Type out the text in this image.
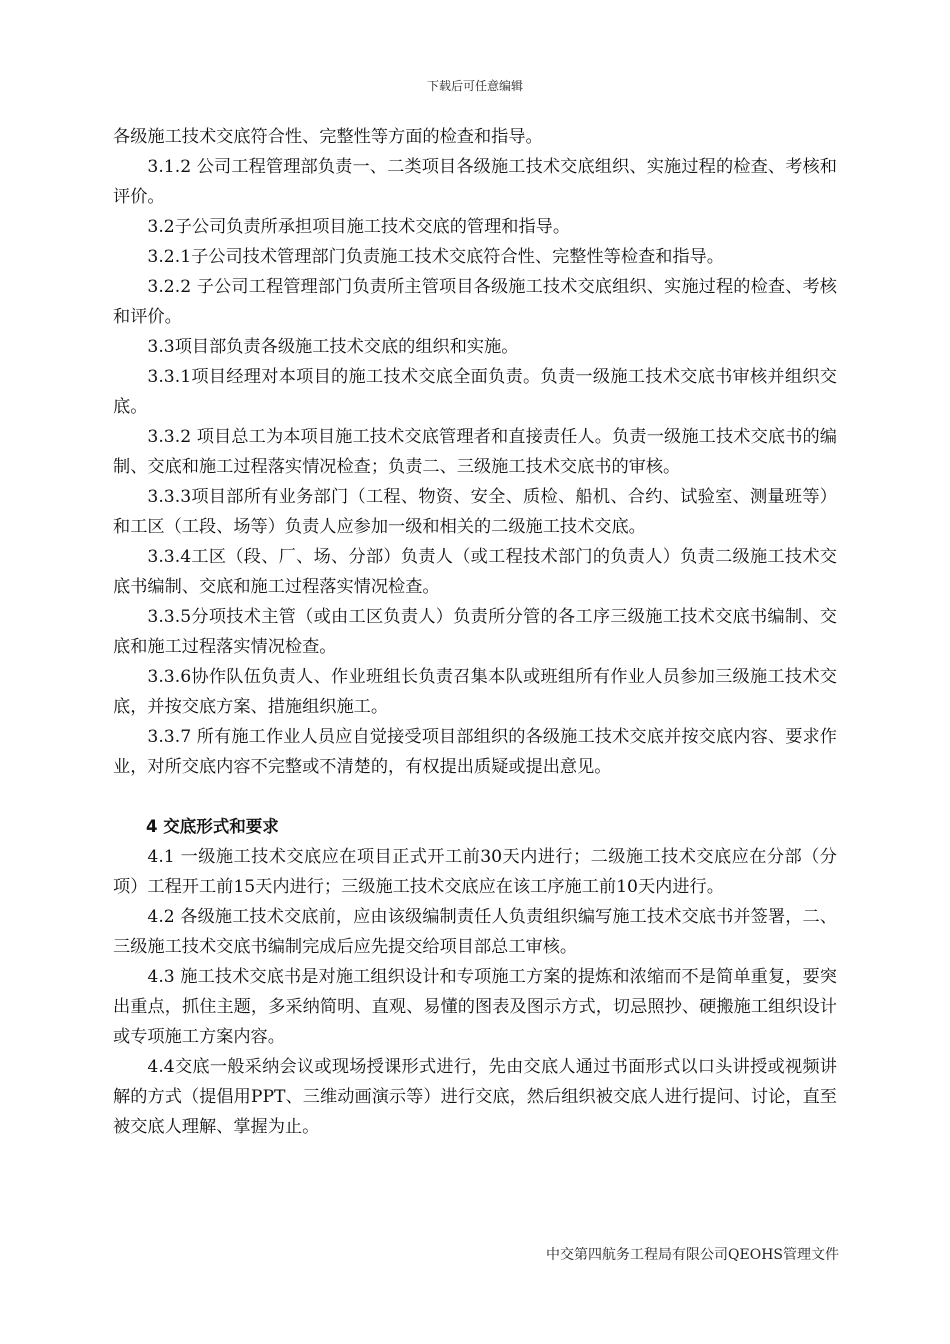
下载后可任意编辑

各级施工技术交底符合性、完整性等方面的检查和指导。

3.1.2 公司工程管理部负责一、二类项目各级施工技术交底组织、实施过程的检查、考核和评价。

3.2子公司负责所承担项目施工技术交底的管理和指导。

3.2.1子公司技术管理部门负责施工技术交底符合性、完整性等检查和指导。

3.2.2 子公司工程管理部门负责所主管项目各级施工技术交底组织、实施过程的检查、考核和评价。

3.3项目部负责各级施工技术交底的组织和实施。

3.3.1项目经理对本项目的施工技术交底全面负责。负责一级施工技术交底书审核并组织交底。

3.3.2 项目总工为本项目施工技术交底管理者和直接责任人。负责一级施工技术交底书的编制、交底和施工过程落实情况检查；负责二、三级施工技术交底书的审核。

3.3.3项目部所有业务部门（工程、物资、安全、质检、船机、合约、试验室、测量班等）和工区（工段、场等）负责人应参加一级和相关的二级施工技术交底。

3.3.4工区（段、厂、场、分部）负责人（或工程技术部门的负责人）负责二级施工技术交底书编制、交底和施工过程落实情况检查。

3.3.5分项技术主管（或由工区负责人）负责所分管的各工序三级施工技术交底书编制、交底和施工过程落实情况检查。

3.3.6协作队伍负责人、作业班组长负责召集本队或班组所有作业人员参加三级施工技术交底，并按交底方案、措施组织施工。

3.3.7 所有施工作业人员应自觉接受项目部组织的各级施工技术交底并按交底内容、要求作业，对所交底内容不完整或不清楚的，有权提出质疑或提出意见。

4 交底形式和要求

4.1 一级施工技术交底应在项目正式开工前30天内进行；二级施工技术交底应在分部（分项）工程开工前15天内进行；三级施工技术交底应在该工序施工前10天内进行。

4.2 各级施工技术交底前，应由该级编制责任人负责组织编写施工技术交底书并签署，二、三级施工技术交底书编制完成后应先提交给项目部总工审核。

4.3 施工技术交底书是对施工组织设计和专项施工方案的提炼和浓缩而不是简单重复，要突出重点，抓住主题，多采纳简明、直观、易懂的图表及图示方式，切忌照抄、硬搬施工组织设计或专项施工方案内容。

4.4交底一般采纳会议或现场授课形式进行，先由交底人通过书面形式以口头讲授或视频讲解的方式（提倡用PPT、三维动画演示等）进行交底，然后组织被交底人进行提问、讨论，直至被交底人理解、掌握为止。

中交第四航务工程局有限公司QEOHS管理文件
